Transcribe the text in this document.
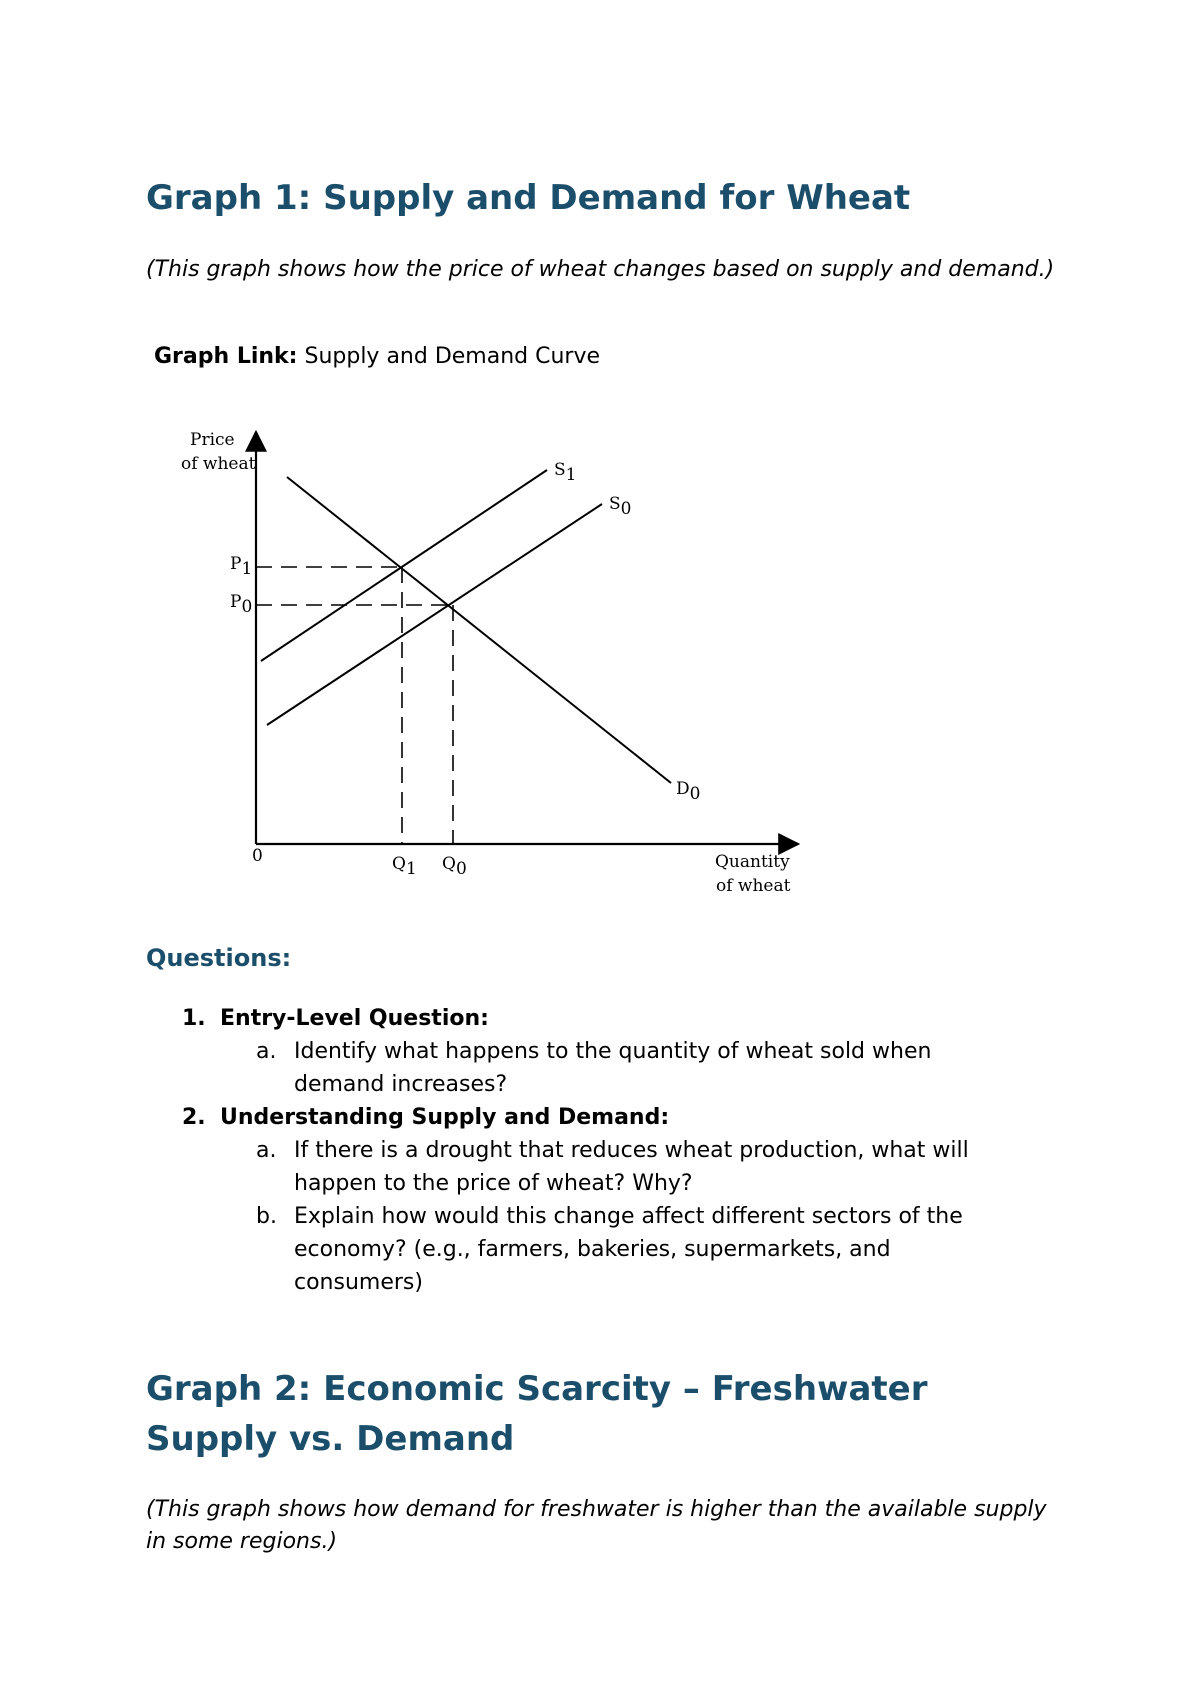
Graph 1: Supply and Demand for Wheat

(This graph shows how the price of wheat changes based on supply and demand.)

Graph Link: Supply and Demand Curve

Price
of wheat
Quantity
of wheat
0
P1
P0
Q1 Q0
S1
S0
D0
Questions:
1. Entry-Level Question:
a. Identify what happens to the quantity of wheat sold when demand increases?
2. Understanding Supply and Demand:
a. If there is a drought that reduces wheat production, what will happen to the price of wheat? Why?
b. Explain how would this change affect different sectors of the economy? (e.g., farmers, bakeries, supermarkets, and consumers)
Graph 2: Economic Scarcity – Freshwater
Supply vs. Demand

(This graph shows how demand for freshwater is higher than the available supply in some regions.)
